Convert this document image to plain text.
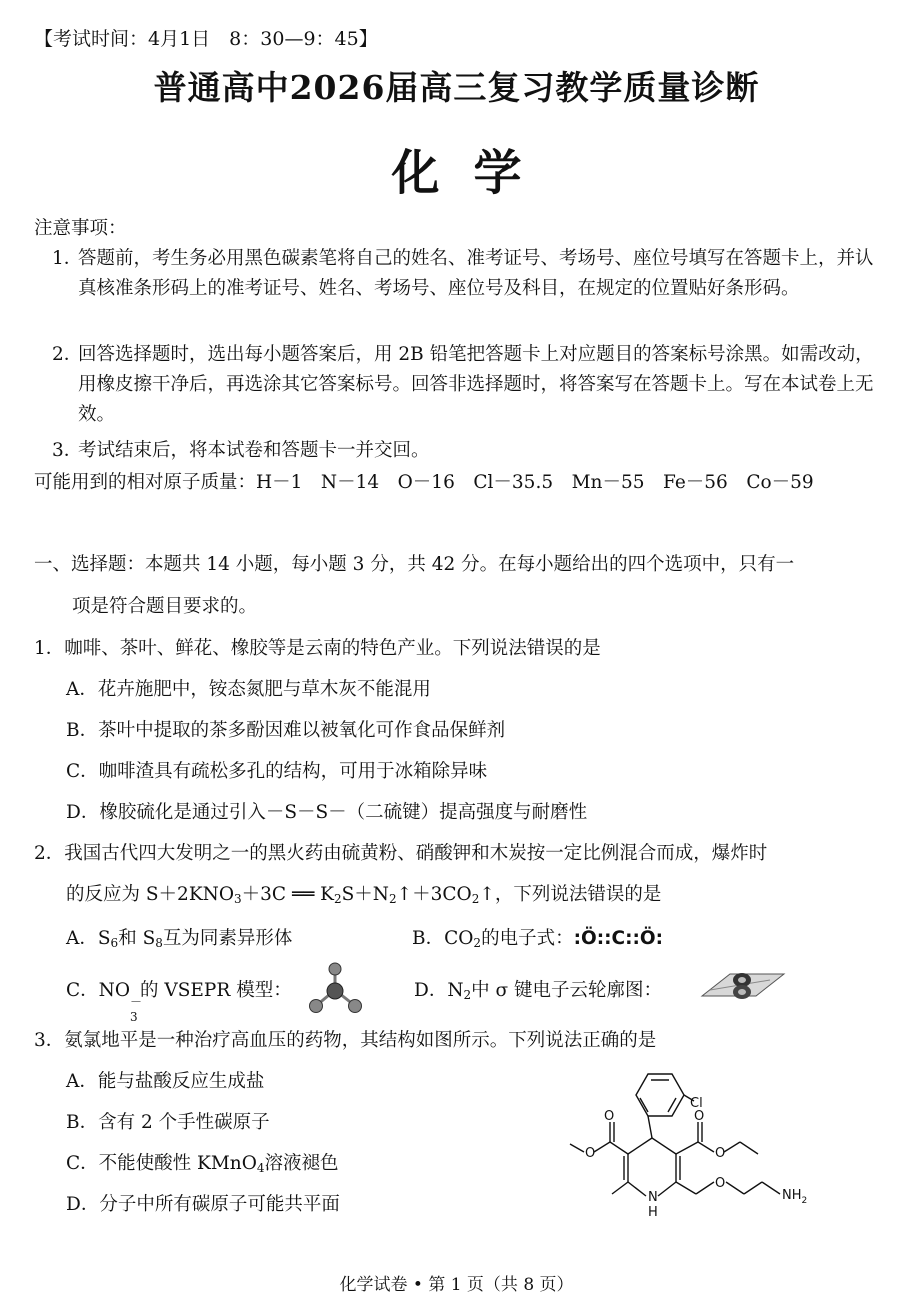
【考试时间：4月1日　8：30—9：45】
普通高中2026届高三复习教学质量诊断
化学
注意事项：
1．答题前，考生务必用黑色碳素笔将自己的姓名、准考证号、考场号、座位号填写在答题卡上，并认真核准条形码上的准考证号、姓名、考场号、座位号及科目，在规定的位置贴好条形码。
2．回答选择题时，选出每小题答案后，用 2B 铅笔把答题卡上对应题目的答案标号涂黑。如需改动，用橡皮擦干净后，再选涂其它答案标号。回答非选择题时，将答案写在答题卡上。写在本试卷上无效。
3．考试结束后，将本试卷和答题卡一并交回。
可能用到的相对原子质量：H－1　N－14　O－16　Cl－35.5　Mn－55　Fe－56　Co－59
一、选择题：本题共 14 小题，每小题 3 分，共 42 分。在每小题给出的四个选项中，只有一
项是符合题目要求的。
1．咖啡、茶叶、鲜花、橡胶等是云南的特色产业。下列说法错误的是
A．花卉施肥中，铵态氮肥与草木灰不能混用
B．茶叶中提取的茶多酚因难以被氧化可作食品保鲜剂
C．咖啡渣具有疏松多孔的结构，可用于冰箱除异味
D．橡胶硫化是通过引入－S－S－（二硫键）提高强度与耐磨性
2．我国古代四大发明之一的黑火药由硫黄粉、硝酸钾和木炭按一定比例混合而成，爆炸时
的反应为 $S+2KNO_3+3C$ ══ $K_2S+N_2↑+3CO_2↑$，下列说法错误的是
A．$S_6$和 $S_8$互为同素异形体	B．$CO_2$的电子式：:Ö::C::Ö:
C．NO
－
3
的 VSEPR 模型：	D．$N_2$中 σ 键电子云轮廓图：
3．氨氯地平是一种治疗高血压的药物，其结构如图所示。下列说法正确的是
A．能与盐酸反应生成盐
B．含有 2 个手性碳原子
C．不能使酸性 KMnO$_4$溶液褪色
D．分子中所有碳原子可能共平面
Cl
O
O
O
O
O
N
H
$NH_2$
化学试卷 • 第 1 页（共 8 页）
